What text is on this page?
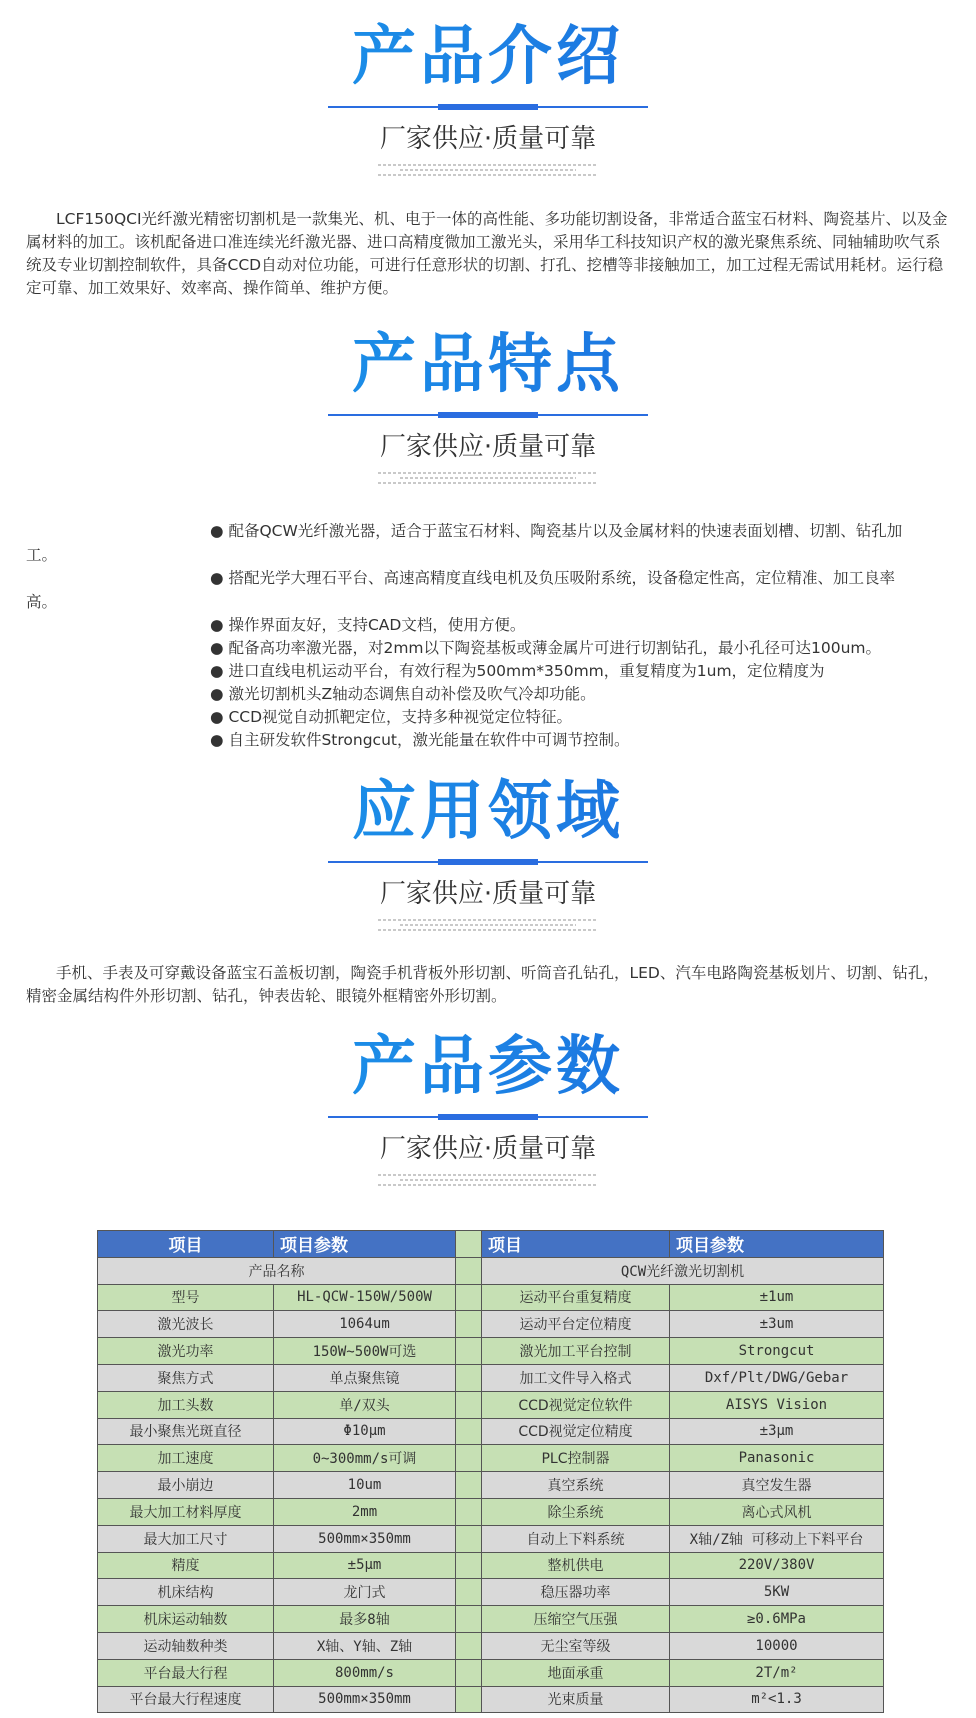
产品介绍
厂家供应·质量可靠
LCF150QCI光纤激光精密切割机是一款集光、机、电于一体的高性能、多功能切割设备，非常适合蓝宝石材料、陶瓷基片、以及金属材料的加工。该机配备进口准连续光纤激光器、进口高精度微加工激光头，采用华工科技知识产权的激光聚焦系统、同轴辅助吹气系统及专业切割控制软件，具备CCD自动对位功能，可进行任意形状的切割、打孔、挖槽等非接触加工，加工过程无需试用耗材。运行稳定可靠、加工效果好、效率高、操作简单、维护方便。
产品特点
厂家供应·质量可靠
● 配备QCW光纤激光器，适合于蓝宝石材料、陶瓷基片以及金属材料的快速表面划槽、切割、钻孔加
工。
● 搭配光学大理石平台、高速高精度直线电机及负压吸附系统，设备稳定性高，定位精准、加工良率
高。
● 操作界面友好，支持CAD文档，使用方便。
● 配备高功率激光器，对2mm以下陶瓷基板或薄金属片可进行切割钻孔，最小孔径可达100um。
● 进口直线电机运动平台，有效行程为500mm*350mm，重复精度为1um，定位精度为
● 激光切割机头Z轴动态调焦自动补偿及吹气冷却功能。
● CCD视觉自动抓靶定位，支持多种视觉定位特征。
● 自主研发软件Strongcut，激光能量在软件中可调节控制。
应用领域
厂家供应·质量可靠
手机、手表及可穿戴设备蓝宝石盖板切割，陶瓷手机背板外形切割、听筒音孔钻孔，LED、汽车电路陶瓷基板划片、切割、钻孔，精密金属结构件外形切割、钻孔，钟表齿轮、眼镜外框精密外形切割。
产品参数
厂家供应·质量可靠
项目	项目参数		项目	项目参数
产品名称			QCW光纤激光切割机	
型号	HL-QCW-150W/500W		运动平台重复精度	±1um
激光波长	1064um		运动平台定位精度	±3um
激光功率	150W~500W可选		激光加工平台控制	Strongcut
聚焦方式	单点聚焦镜		加工文件导入格式	Dxf/Plt/DWG/Gebar
加工头数	单/双头		CCD视觉定位软件	AISYS Vision
最小聚焦光斑直径	Φ10μm		CCD视觉定位精度	±3μm
加工速度	0~300mm/s可调		PLC控制器	Panasonic
最小崩边	10um		真空系统	真空发生器
最大加工材料厚度	2mm		除尘系统	离心式风机
最大加工尺寸	500mm×350mm		自动上下料系统	X轴/Z轴 可移动上下料平台
精度	±5μm		整机供电	220V/380V
机床结构	龙门式		稳压器功率	5KW
机床运动轴数	最多8轴		压缩空气压强	≥0.6MPa
运动轴数种类	X轴、Y轴、Z轴		无尘室等级	10000
平台最大行程	800mm/s		地面承重	2T/m²
平台最大行程速度	500mm×350mm		光束质量	m²<1.3
